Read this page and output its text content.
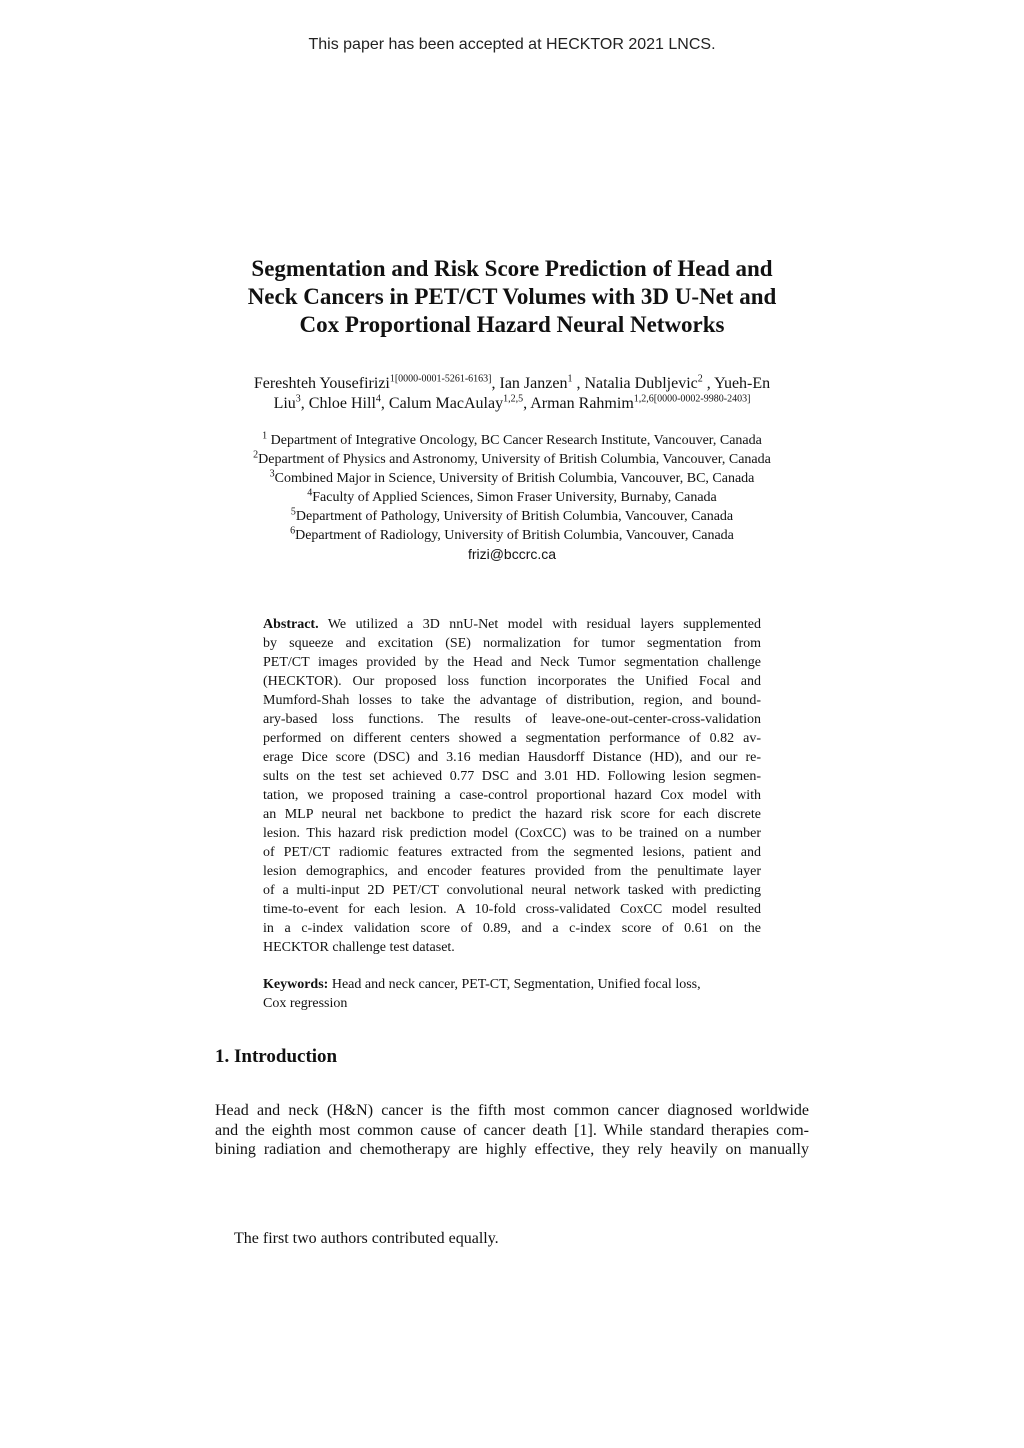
This paper has been accepted at HECKTOR 2021 LNCS.
Segmentation and Risk Score Prediction of Head and
Neck Cancers in PET/CT Volumes with 3D U-Net and
Cox Proportional Hazard Neural Networks
Fereshteh Yousefirizi$^{1[0000-0001-5261-6163]}$, Ian Janzen$^1$ , Natalia Dubljevic$^2$ , Yueh-En
Liu$^3$, Chloe Hill$^4$, Calum MacAulay$^{1,2,5}$, Arman Rahmim$^{1,2,6[0000-0002-9980-2403]}$
$^1$ Department of Integrative Oncology, BC Cancer Research Institute, Vancouver, Canada
$^2$Department of Physics and Astronomy, University of British Columbia, Vancouver, Canada
$^3$Combined Major in Science, University of British Columbia, Vancouver, BC, Canada
$^4$Faculty of Applied Sciences, Simon Fraser University, Burnaby, Canada
$^5$Department of Pathology, University of British Columbia, Vancouver, Canada
$^6$Department of Radiology, University of British Columbia, Vancouver, Canada
frizi@bccrc.ca
Abstract. We utilized a 3D nnU-Net model with residual layers supplemented
by squeeze and excitation (SE) normalization for tumor segmentation from
PET/CT images provided by the Head and Neck Tumor segmentation challenge
(HECKTOR). Our proposed loss function incorporates the Unified Focal and
Mumford-Shah losses to take the advantage of distribution, region, and bound-
ary-based loss functions. The results of leave-one-out-center-cross-validation
performed on different centers showed a segmentation performance of 0.82 av-
erage Dice score (DSC) and 3.16 median Hausdorff Distance (HD), and our re-
sults on the test set achieved 0.77 DSC and 3.01 HD. Following lesion segmen-
tation, we proposed training a case-control proportional hazard Cox model with
an MLP neural net backbone to predict the hazard risk score for each discrete
lesion. This hazard risk prediction model (CoxCC) was to be trained on a number
of PET/CT radiomic features extracted from the segmented lesions, patient and
lesion demographics, and encoder features provided from the penultimate layer
of a multi-input 2D PET/CT convolutional neural network tasked with predicting
time-to-event for each lesion. A 10-fold cross-validated CoxCC model resulted
in a c-index validation score of 0.89, and a c-index score of 0.61 on the
HECKTOR challenge test dataset.
Keywords: Head and neck cancer, PET-CT, Segmentation, Unified focal loss,
Cox regression
1. Introduction
Head and neck (H&N) cancer is the fifth most common cancer diagnosed worldwide
and the eighth most common cause of cancer death [1]. While standard therapies com-
bining radiation and chemotherapy are highly effective, they rely heavily on manually
The first two authors contributed equally.
